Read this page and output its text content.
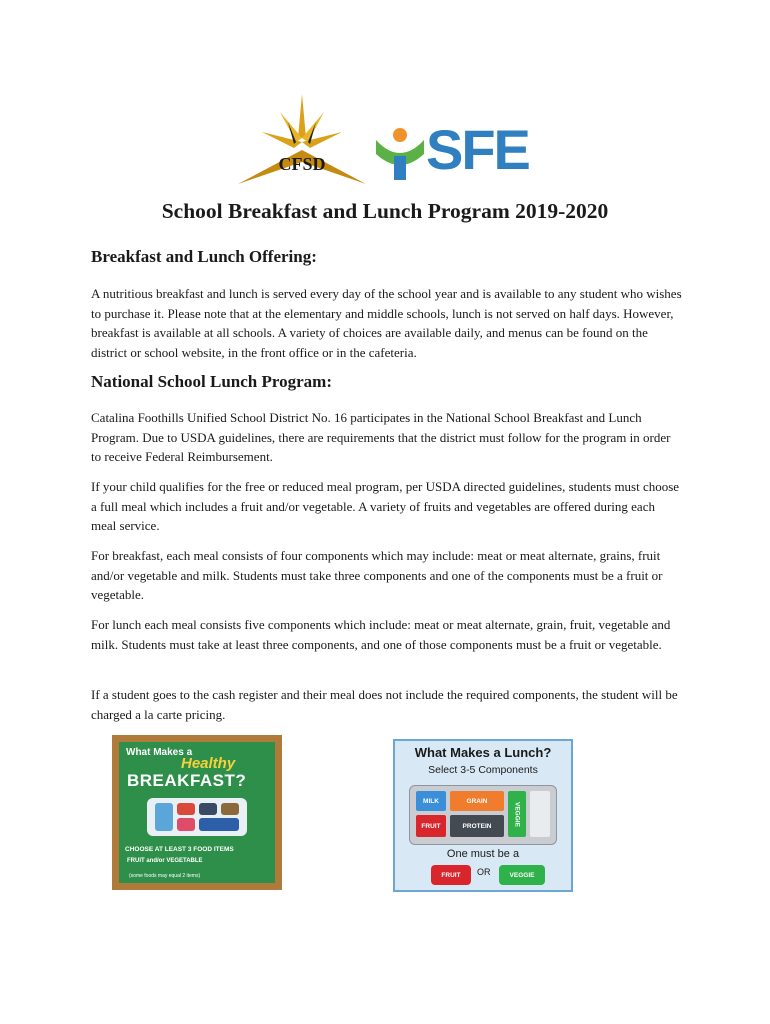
CFSD SFE
School Breakfast and Lunch Program 2019-2020
Breakfast and Lunch Offering:

A nutritious breakfast and lunch is served every day of the school year and is available to any student who wishes to purchase it. Please note that at the elementary and middle schools, lunch is not served on half days. However, breakfast is available at all schools. A variety of choices are available daily, and menus can be found on the district or school website, in the front office or in the cafeteria.

National School Lunch Program:

Catalina Foothills Unified School District No. 16 participates in the National School Breakfast and Lunch Program. Due to USDA guidelines, there are requirements that the district must follow for the program in order to receive Federal Reimbursement.

If your child qualifies for the free or reduced meal program, per USDA directed guidelines, students must choose a full meal which includes a fruit and/or vegetable. A variety of fruits and vegetables are offered during each meal service.

For breakfast, each meal consists of four components which may include: meat or meat alternate, grains, fruit and/or vegetable and milk. Students must take three components and one of the components must be a fruit or vegetable.

For lunch each meal consists five components which include: meat or meat alternate, grain, fruit, vegetable and milk. Students must take at least three components, and one of those components must be a fruit or vegetable.

If a student goes to the cash register and their meal does not include the required components, the student will be charged a la carte pricing.

What Makes a
Healthy
BREAKFAST?
CHOOSE AT LEAST 3 FOOD ITEMS
FRUIT and/or VEGETABLE
(some foods may equal 2 items)
What Makes a Lunch?
Select 3-5 Components
MILK	GRAIN
VEGGIE
FRUIT	PROTEIN
One must be a
FRUIT	OR	VEGGIE
